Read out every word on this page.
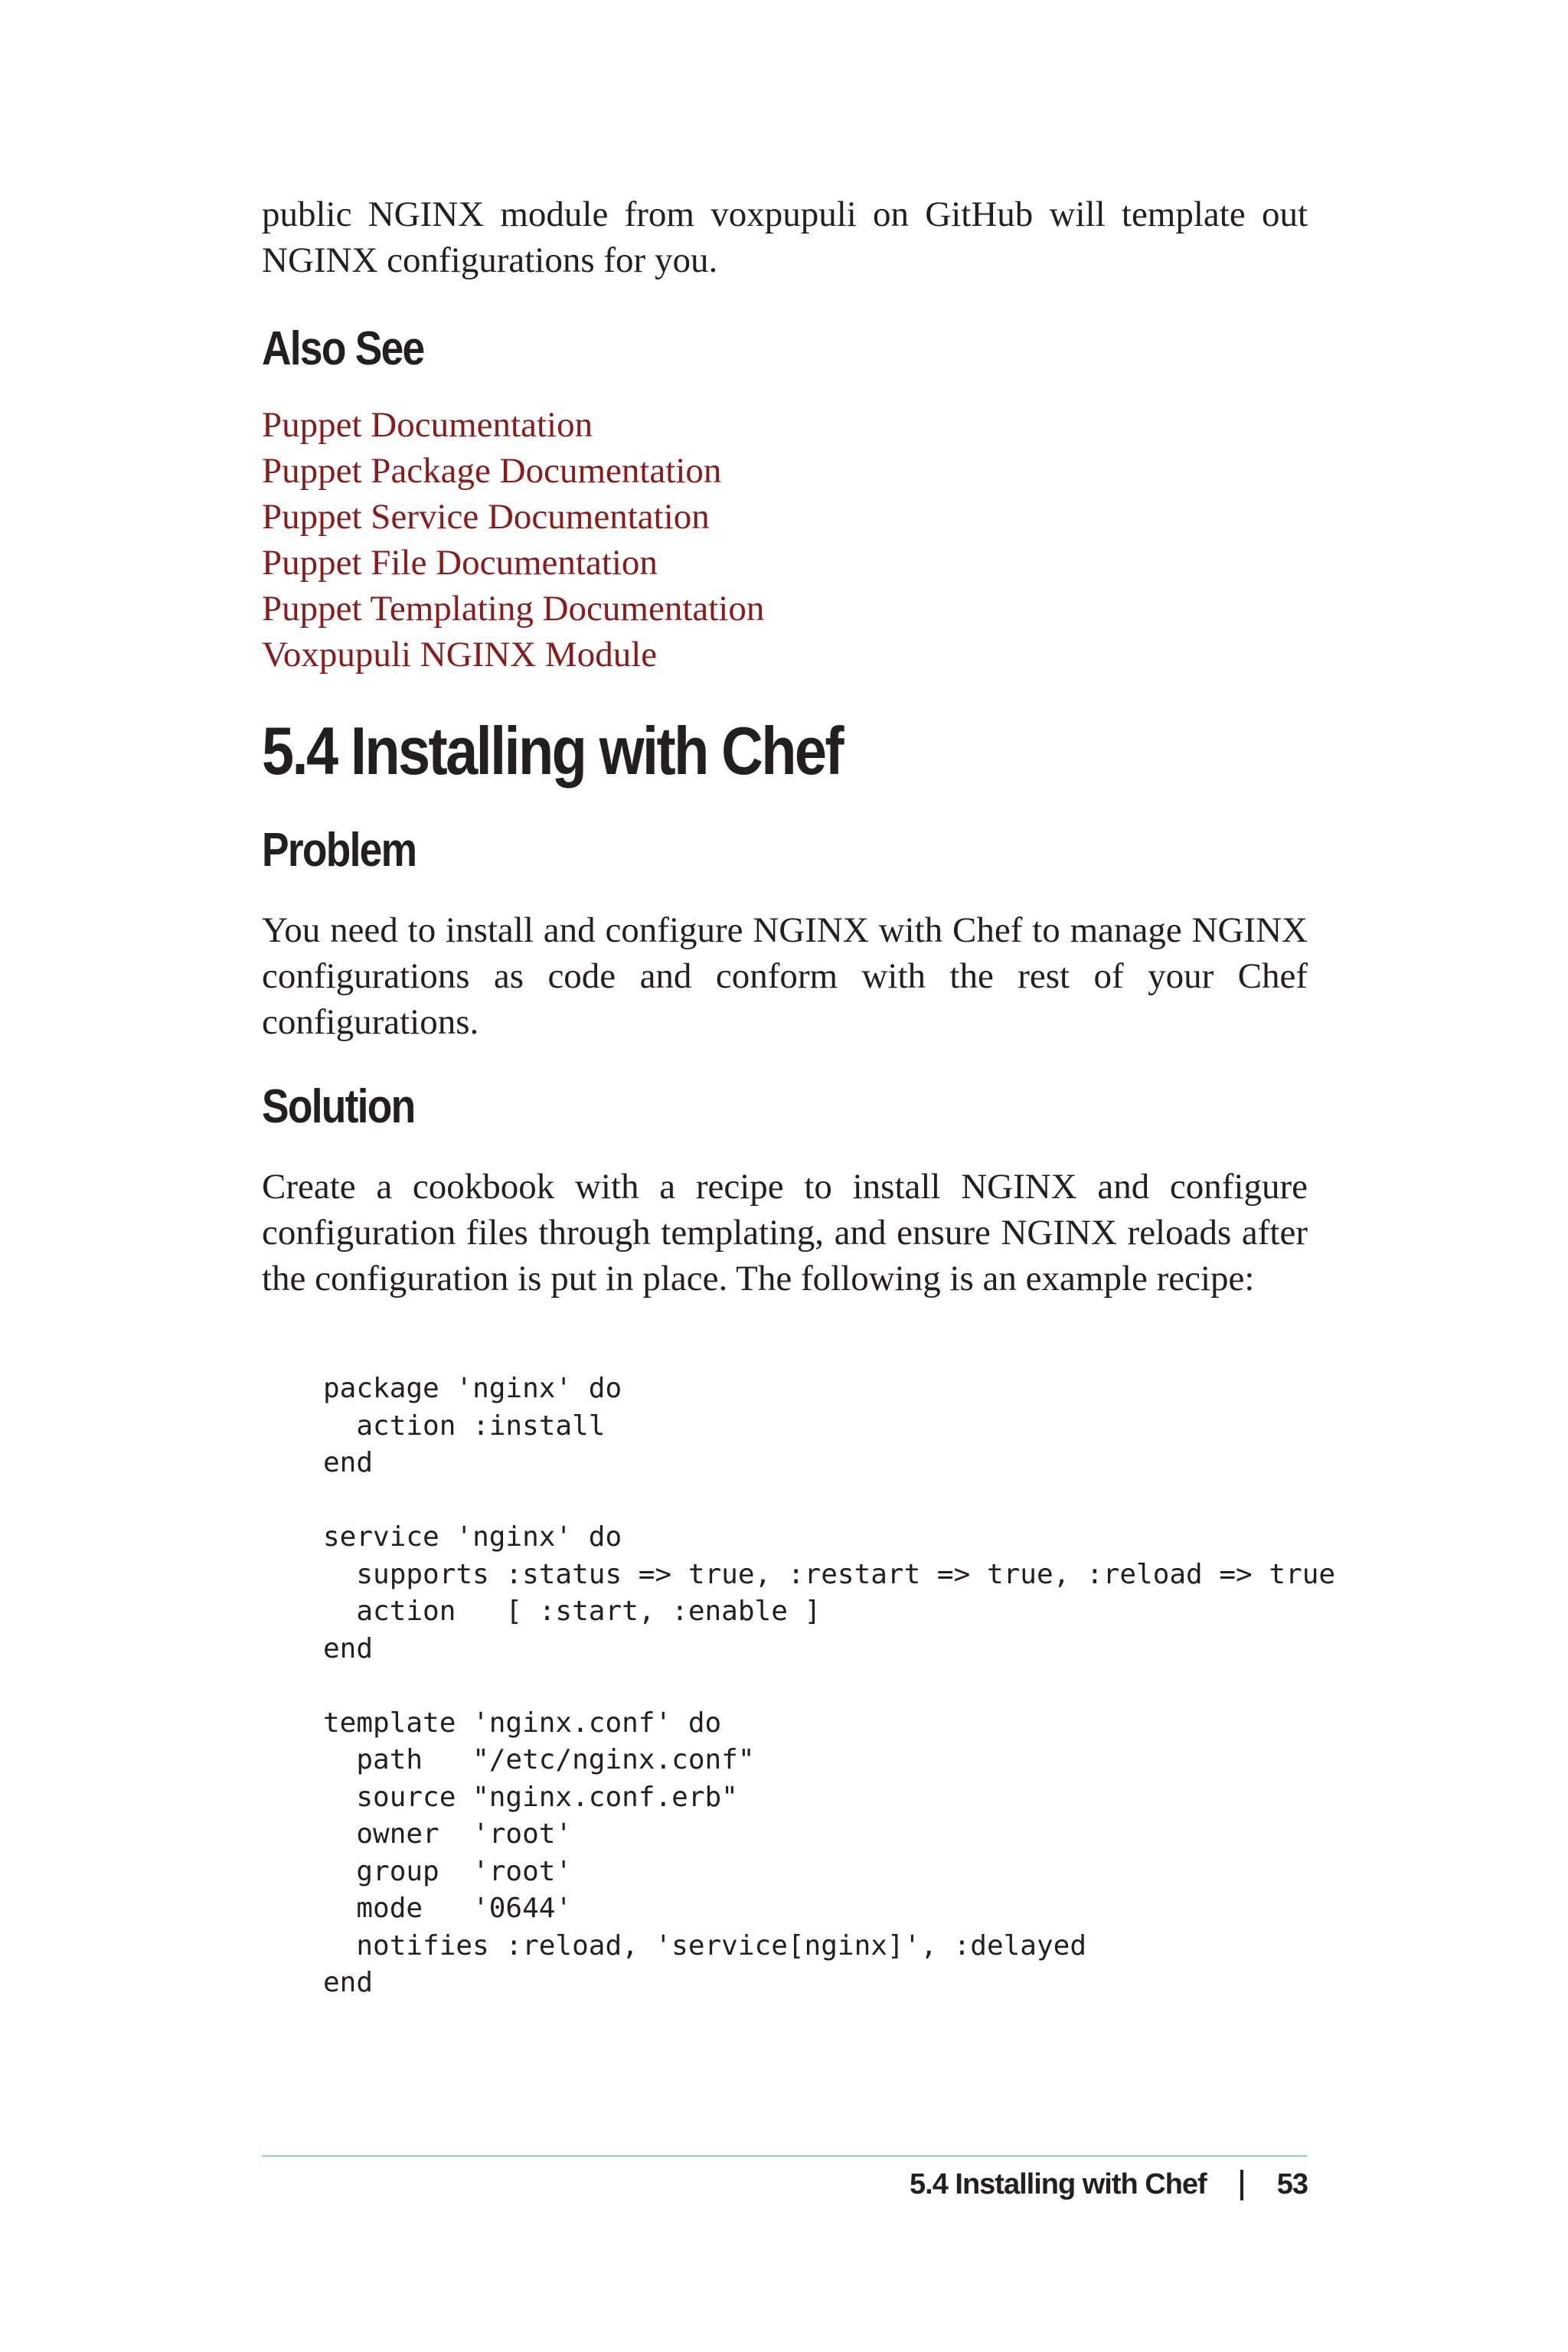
public NGINX module from voxpupuli on GitHub will template out NGINX configurations for you.

Also See
Puppet Documentation
Puppet Package Documentation
Puppet Service Documentation
Puppet File Documentation
Puppet Templating Documentation
Voxpupuli NGINX Module
5.4 Installing with Chef
Problem

You need to install and configure NGINX with Chef to manage NGINX configurations as code and conform with the rest of your Chef configurations.

Solution

Create a cookbook with a recipe to install NGINX and configure configuration files through templating, and ensure NGINX reloads after the configuration is put in place. The following is an example recipe:

package 'nginx' do
action :install
end
service 'nginx' do
supports :status => true, :restart => true, :reload => true
action   [ :start, :enable ]
end
template 'nginx.conf' do
path   "/etc/nginx.conf"
source "nginx.conf.erb"
owner  'root'
group  'root'
mode   '0644'
notifies :reload, 'service[nginx]', :delayed
end
5.4 Installing with Chef 53
